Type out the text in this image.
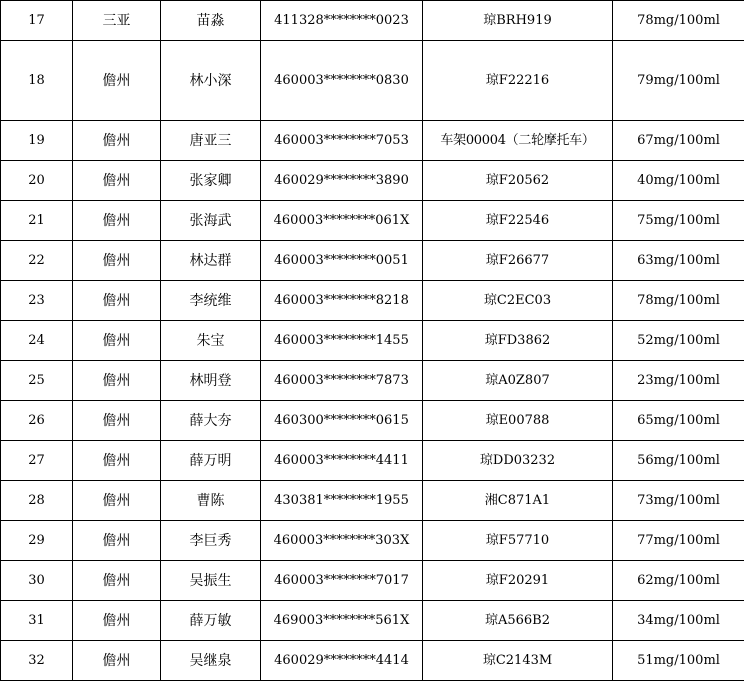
17	三亚	苗淼	411328********0023	琼BRH919	78mg/100ml
18	儋州	林小深	460003********0830	琼F22216	79mg/100ml
19	儋州	唐亚三	460003********7053	车架00004（二轮摩托车）	67mg/100ml
20	儋州	张家卿	460029********3890	琼F20562	40mg/100ml
21	儋州	张海武	460003********061X	琼F22546	75mg/100ml
22	儋州	林达群	460003********0051	琼F26677	63mg/100ml
23	儋州	李统维	460003********8218	琼C2EC03	78mg/100ml
24	儋州	朱宝	460003********1455	琼FD3862	52mg/100ml
25	儋州	林明登	460003********7873	琼A0Z807	23mg/100ml
26	儋州	薛大夯	460300********0615	琼E00788	65mg/100ml
27	儋州	薛万明	460003********4411	琼DD03232	56mg/100ml
28	儋州	曹陈	430381********1955	湘C871A1	73mg/100ml
29	儋州	李巨秀	460003********303X	琼F57710	77mg/100ml
30	儋州	吴振生	460003********7017	琼F20291	62mg/100ml
31	儋州	薛万敏	469003********561X	琼A566B2	34mg/100ml
32	儋州	吴继泉	460029********4414	琼C2143M	51mg/100ml
